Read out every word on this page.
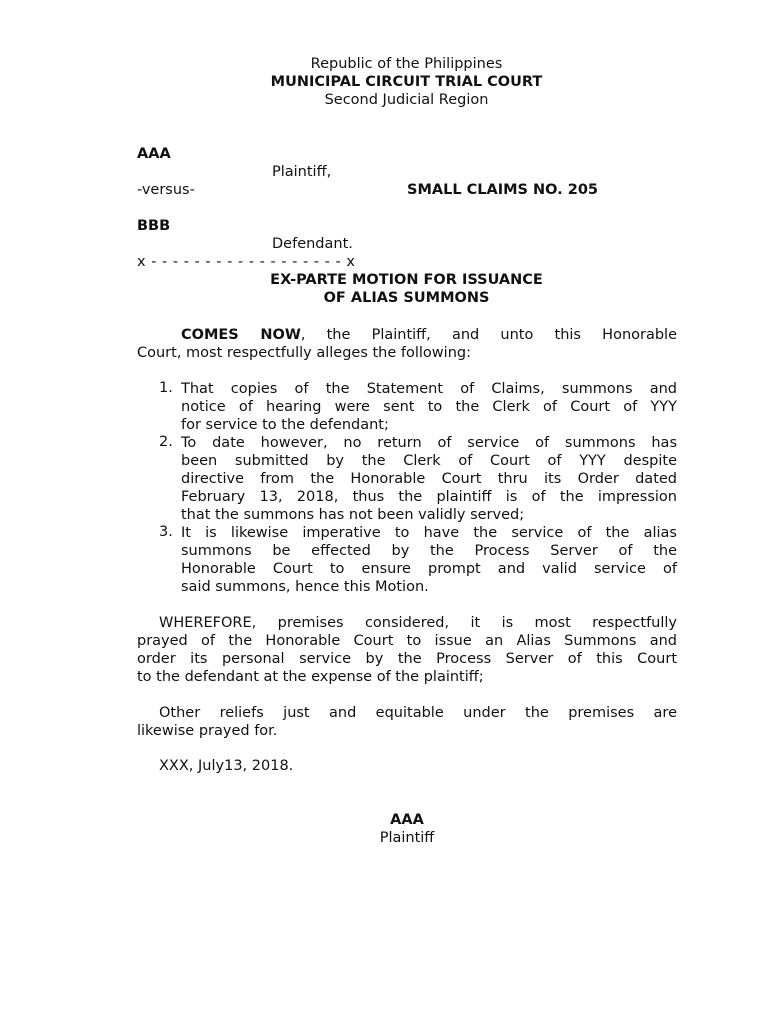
Republic of the Philippines
MUNICIPAL CIRCUIT TRIAL COURT
Second Judicial Region
AAA
Plaintiff,
-versus-	SMALL CLAIMS NO. 205
BBB
Defendant.
x - - - - - - - - - - - - - - - - - - x
EX-PARTE MOTION FOR ISSUANCE
OF ALIAS SUMMONS
COMES NOW, the Plaintiff, and unto this Honorable
Court, most respectfully alleges the following:
1. That copies of the Statement of Claims, summons and
notice of hearing were sent to the Clerk of Court of YYY
for service to the defendant;
2. To date however, no return of service of summons has
been submitted by the Clerk of Court of YYY despite
directive from the Honorable Court thru its Order dated
February 13, 2018, thus the plaintiff is of the impression
that the summons has not been validly served;
3. It is likewise imperative to have the service of the alias
summons be effected by the Process Server of the
Honorable Court to ensure prompt and valid service of
said summons, hence this Motion.
WHEREFORE, premises considered, it is most respectfully
prayed of the Honorable Court to issue an Alias Summons and
order its personal service by the Process Server of this Court
to the defendant at the expense of the plaintiff;
Other reliefs just and equitable under the premises are
likewise prayed for.
XXX, July13, 2018.
AAA
Plaintiff
